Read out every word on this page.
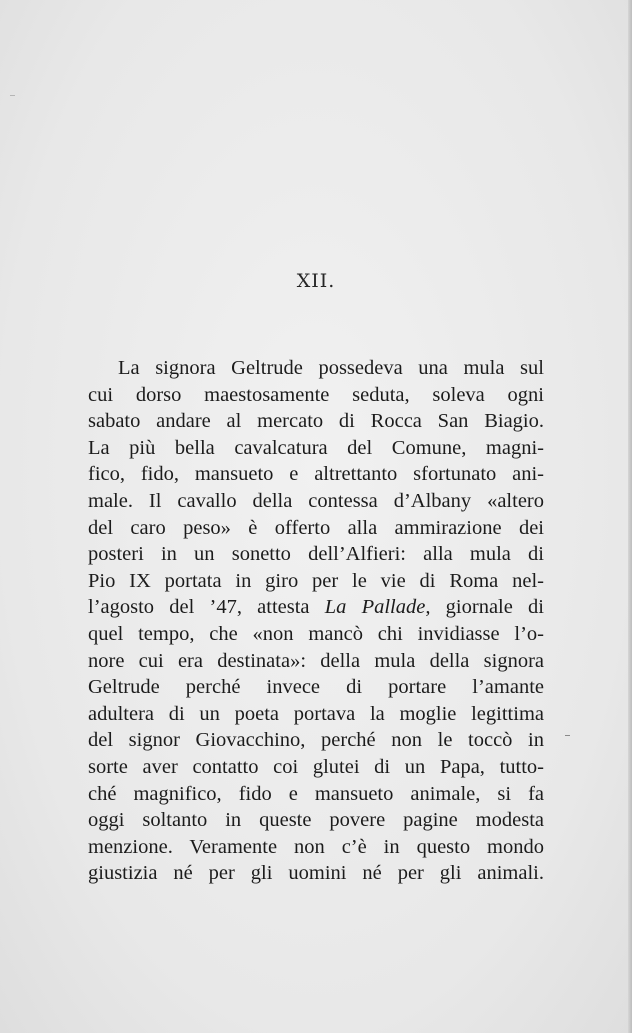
XII.
La signora Geltrude possedeva una mula sul
cui dorso maestosamente seduta, soleva ogni
sabato andare al mercato di Rocca San Biagio.
La più bella cavalcatura del Comune, magni-
fico, fido, mansueto e altrettanto sfortunato ani-
male. Il cavallo della contessa d’Albany «altero
del caro peso» è offerto alla ammirazione dei
posteri in un sonetto dell’Alfieri: alla mula di
Pio IX portata in giro per le vie di Roma nel-
l’agosto del ’47, attesta La Pallade, giornale di
quel tempo, che «non mancò chi invidiasse l’o-
nore cui era destinata»: della mula della signora
Geltrude perché invece di portare l’amante
adultera di un poeta portava la moglie legittima
del signor Giovacchino, perché non le toccò in
sorte aver contatto coi glutei di un Papa, tutto-
ché magnifico, fido e mansueto animale, si fa
oggi soltanto in queste povere pagine modesta
menzione. Veramente non c’è in questo mondo
giustizia né per gli uomini né per gli animali.
